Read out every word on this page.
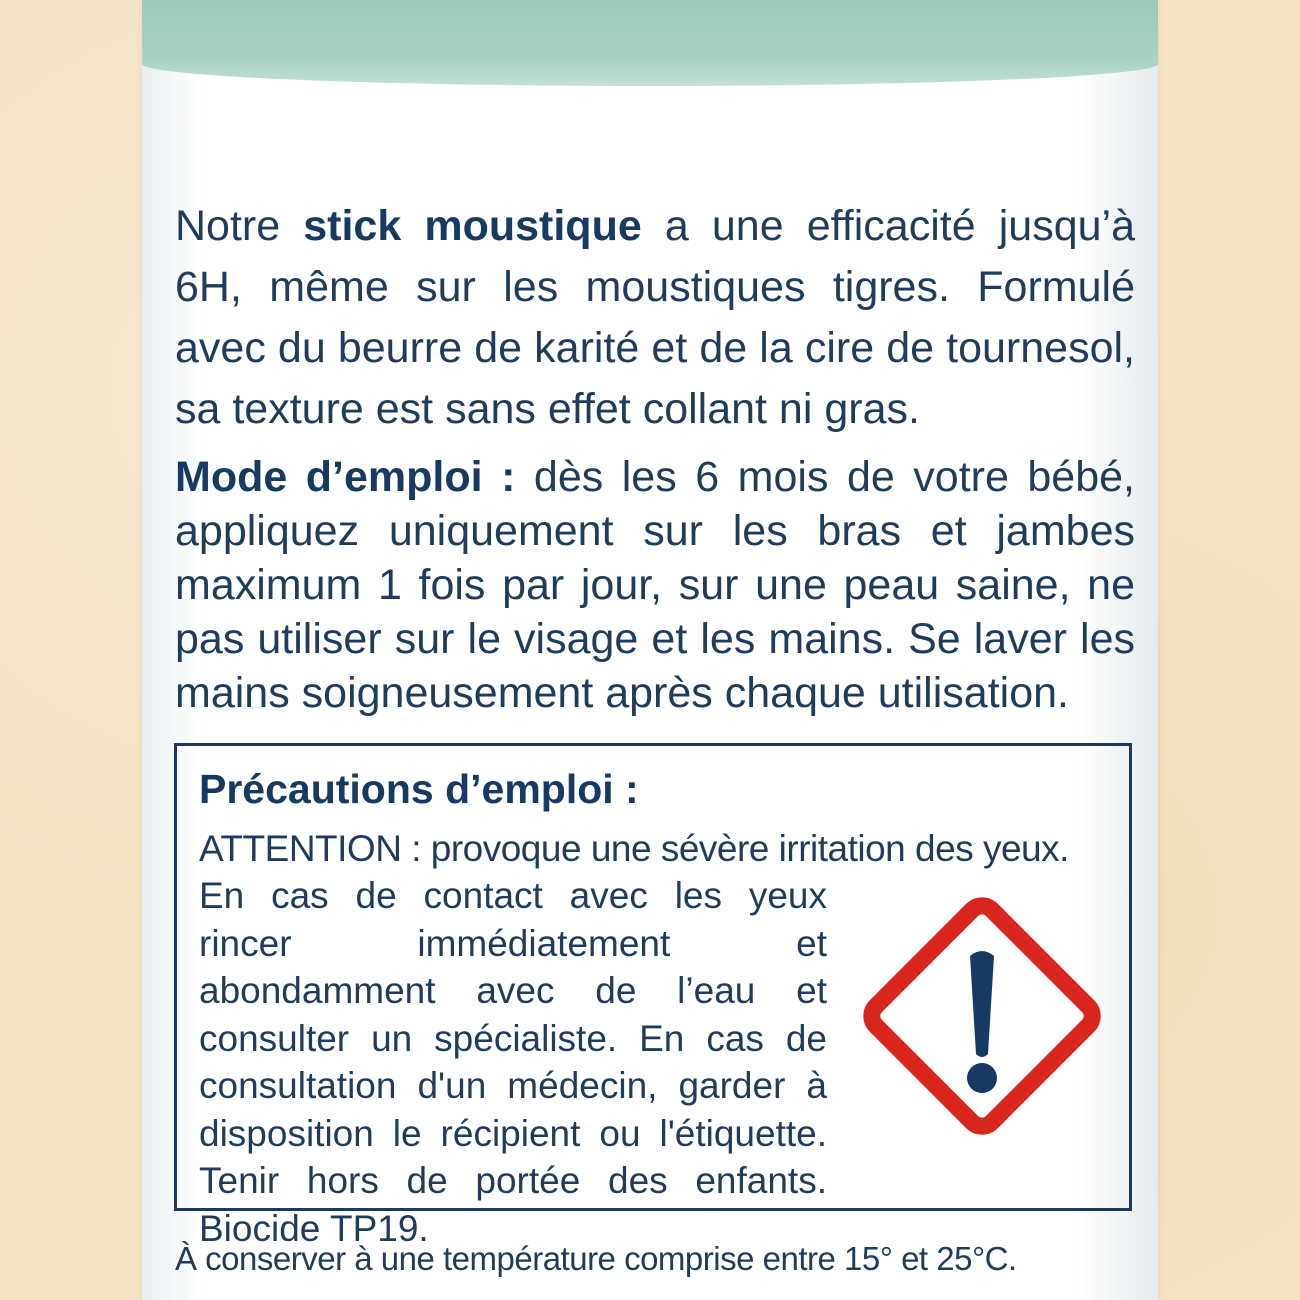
Notre stick moustique a une efficacité jusqu’à 6H, même sur les moustiques tigres. Formulé avec du beurre de karité et de la cire de tournesol, sa texture est sans effet collant ni gras.

Mode d’emploi : dès les 6 mois de votre bébé, appliquez uniquement sur les bras et jambes maximum 1 fois par jour, sur une peau saine, ne pas utiliser sur le visage et les mains. Se laver les mains soigneusement après chaque utilisation.

Précautions d’emploi :
ATTENTION : provoque une sévère irritation des yeux.
En cas de contact avec les yeux rincer immédiatement et abondamment avec de l’eau et consulter un spécialiste. En cas de consultation d'un médecin, garder à disposition le récipient ou l'étiquette. Tenir hors de portée des enfants. Biocide TP19.
À conserver à une température comprise entre 15° et 25°C.
